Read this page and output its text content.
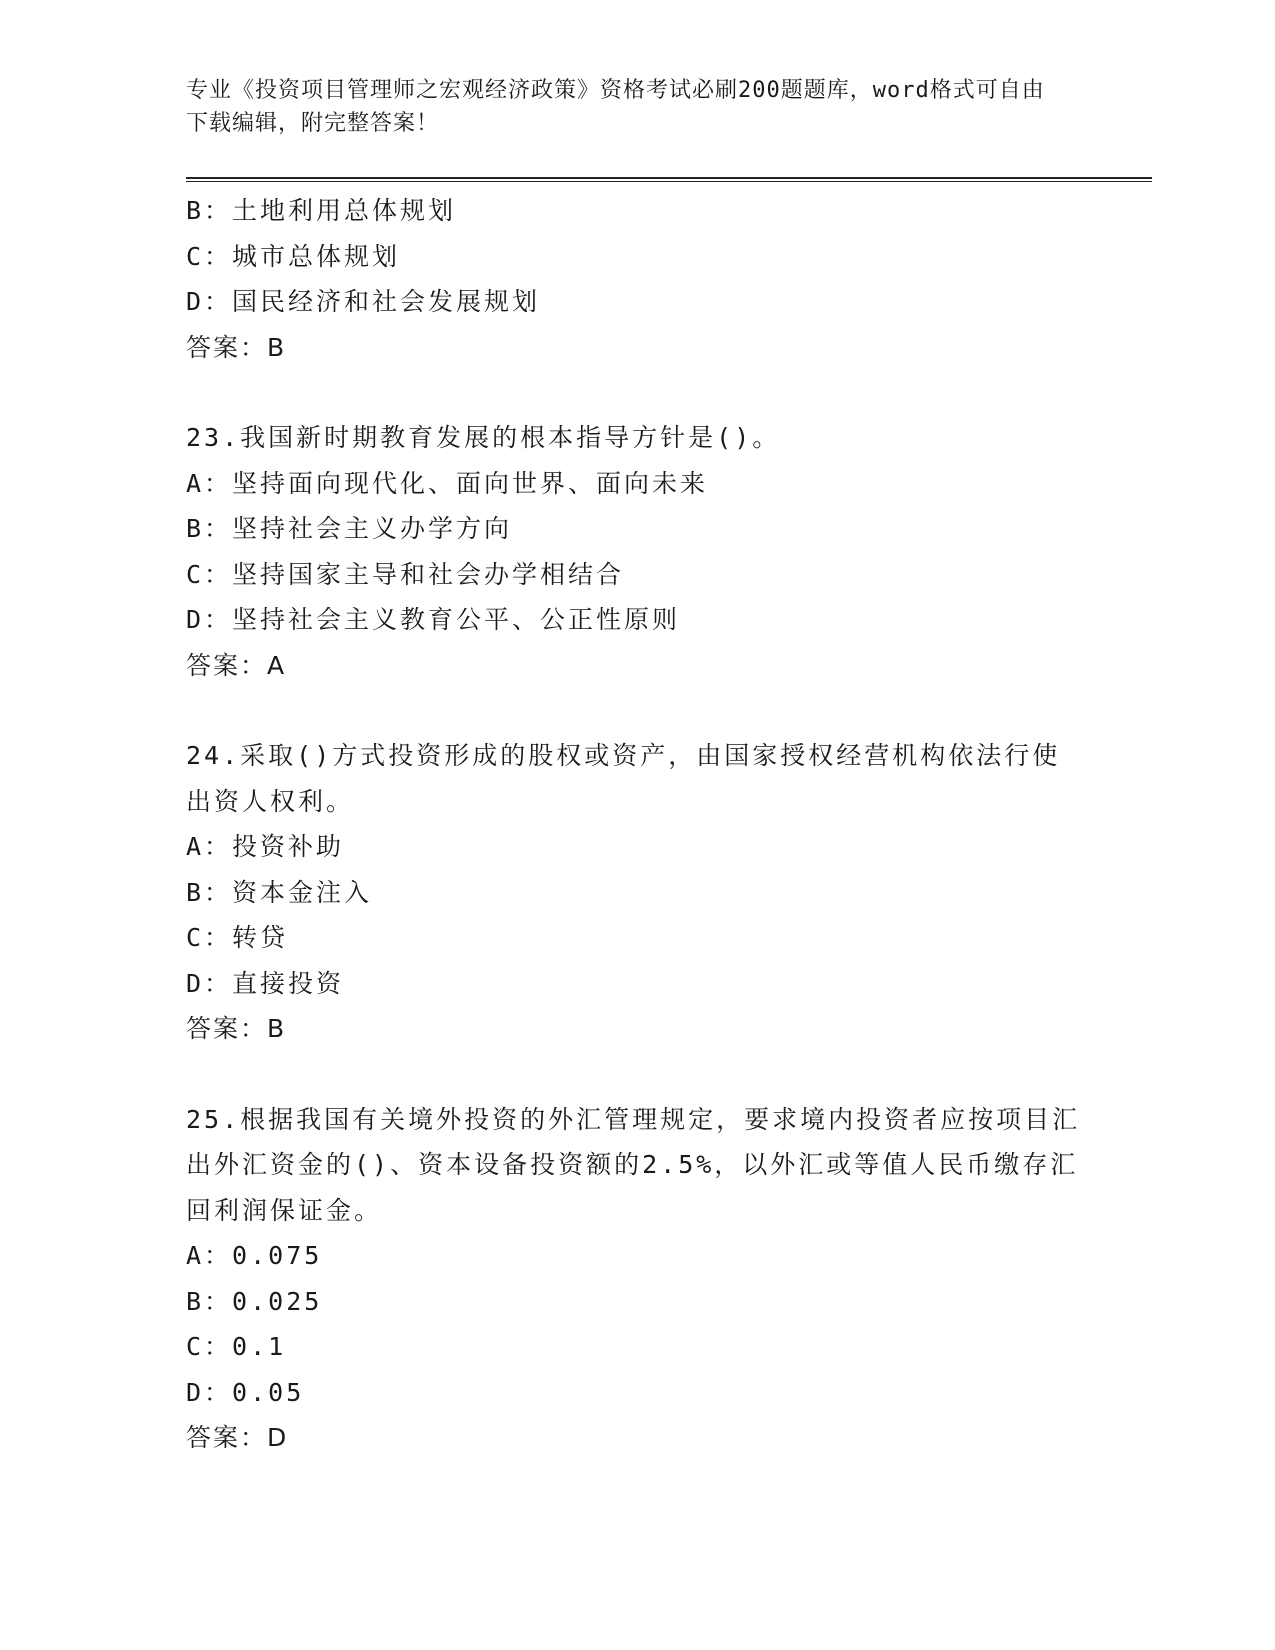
专业《投资项目管理师之宏观经济政策》资格考试必刷200题题库，word格式可自由下载编辑，附完整答案！
B：土地利用总体规划
C：城市总体规划
D：国民经济和社会发展规划
答案：B
23.我国新时期教育发展的根本指导方针是()。
A：坚持面向现代化、面向世界、面向未来
B：坚持社会主义办学方向
C：坚持国家主导和社会办学相结合
D：坚持社会主义教育公平、公正性原则
答案：A
24.采取()方式投资形成的股权或资产，由国家授权经营机构依法行使出资人权利。
A：投资补助
B：资本金注入
C：转贷
D：直接投资
答案：B
25.根据我国有关境外投资的外汇管理规定，要求境内投资者应按项目汇出外汇资金的()、资本设备投资额的2.5%，以外汇或等值人民币缴存汇回利润保证金。
A：0.075
B：0.025
C：0.1
D：0.05
答案：D
